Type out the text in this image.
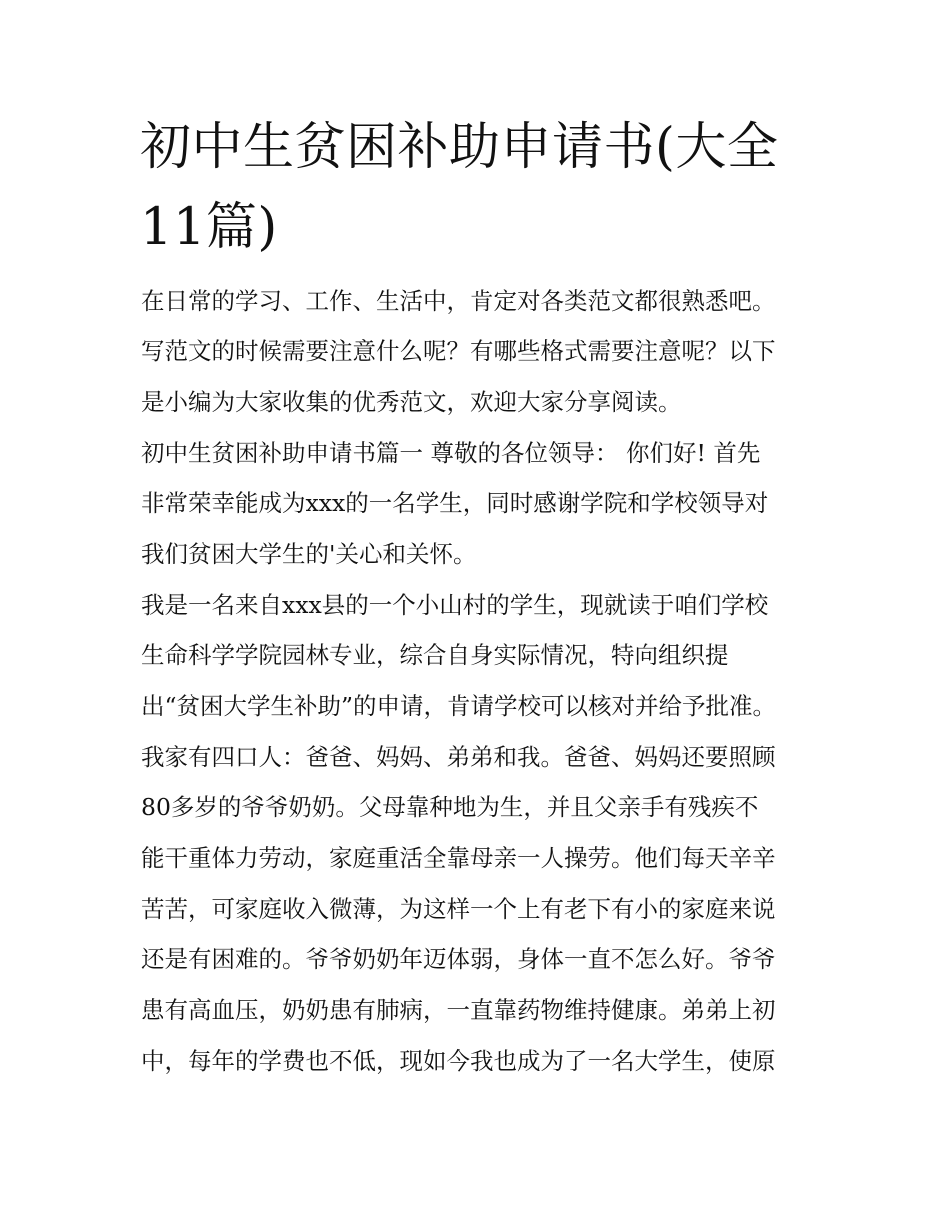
初中生贫困补助申请书(大全
11篇)

在日常的学习、工作、生活中，肯定对各类范文都很熟悉吧。

写范文的时候需要注意什么呢？有哪些格式需要注意呢？以下

是小编为大家收集的优秀范文，欢迎大家分享阅读。

初中生贫困补助申请书篇一 尊敬的各位领导： 你们好! 首先

非常荣幸能成为xxx的一名学生，同时感谢学院和学校领导对

我们贫困大学生的'关心和关怀。

我是一名来自xxx县的一个小山村的学生，现就读于咱们学校

生命科学学院园林专业，综合自身实际情况，特向组织提

出“贫困大学生补助”的申请，肯请学校可以核对并给予批准。

我家有四口人：爸爸、妈妈、弟弟和我。爸爸、妈妈还要照顾

80多岁的爷爷奶奶。父母靠种地为生，并且父亲手有残疾不

能干重体力劳动，家庭重活全靠母亲一人操劳。他们每天辛辛

苦苦，可家庭收入微薄，为这样一个上有老下有小的家庭来说

还是有困难的。爷爷奶奶年迈体弱，身体一直不怎么好。爷爷

患有高血压，奶奶患有肺病，一直靠药物维持健康。弟弟上初

中，每年的学费也不低，现如今我也成为了一名大学生，使原
